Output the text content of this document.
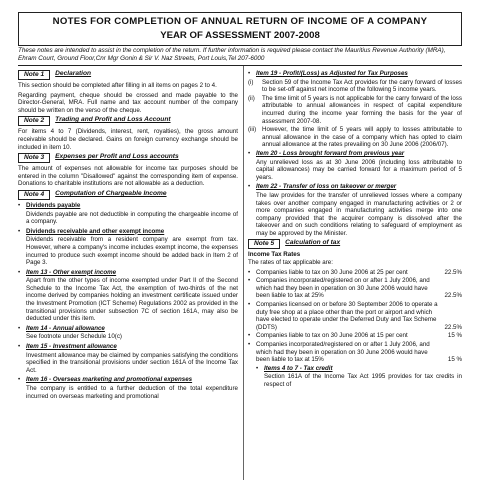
NOTES FOR COMPLETION OF ANNUAL RETURN OF INCOME OF A COMPANY
YEAR OF ASSESSMENT 2007-2008
These notes are intended to assist in the completion of the return. If further information is required please contact the Mauritius Revenue Authority (MRA), Ehram Court, Ground Floor,Cnr Mgr Gonin & Sir V. Naz Streets, Port Louis,Tel 207-6000
Note 1	Declaration

This section should be completed after filling in all items on pages 2 to 4.

Regarding payment, cheque should be crossed and made payable to the Director-General, MRA. Full name and tax account number of the company should be written on the verso of the cheque.

Note 2	Trading and Profit and Loss Account

For items 4 to 7 (Dividends, interest, rent, royalties), the gross amount receivable should be declared. Gains on foreign currency exchange should be included in item 10.

Note 3	Expenses per Profit and Loss accounts

The amount of expenses not allowable for income tax purposes should be entered in the column "Disallowed" against the corresponding item of expense. Donations to charitable institutions are not allowable as a deduction.

Note 4	Computation of Chargeable Income
• Dividends payable

Dividends payable are not deductible in computing the chargeable income of a company.

• Dividends receivable and other exempt income

Dividends receivable from a resident company are exempt from tax. However, where a company's income includes exempt income, the expenses incurred to produce such exempt income should be added back in Item 2 of Page 3.

• Item 13 - Other exempt income

Apart from the other types of income exempted under Part II of the Second Schedule to the Income Tax Act, the exemption of two-thirds of the net income derived by companies holding an investment certificate issued under the Investment Promotion (ICT Scheme) Regulations 2002 as provided in the transitional provisions under subsection 7C of section 161A, may also be deducted under this item.

• Item 14 - Annual allowance

See footnote under Schedule 10(c)

• Item 15 - Investment allowance

Investment allowance may be claimed by companies satisfying the conditions specified in the transitional provisions under section 161A of the Income Tax Act.

• Item 16 - Overseas marketing and promotional expenses

The company is entitled to a further deduction of the total expenditure incurred on overseas marketing and promotional

• Item 19 - Profit/(Loss) as Adjusted for Tax Purposes
(i)	Section 59 of the Income Tax Act provides for the carry forward of losses to be set-off against net income of the following 5 income years.
(ii)	The time limit of 5 years is not applicable for the carry forward of the loss attributable to annual allowances in respect of capital expenditure incurred during the income year forming the basis for the year of assessment 2007-08.
(iii) However, the time limit of 5 years will apply to losses attributable to annual allowance in the case of a company which has opted to claim annual allowance at the rates prevailing on 30 June 2006 (2006/07).
• Item 20 - Loss brought forward from previous year

Any unrelieved loss as at 30 June 2006 (including loss attributable to capital allowances) may be carried forward for a maximum period of 5 years.

• Item 22 - Transfer of loss on takeover or merger

The law provides for the transfer of unrelieved losses where a company takes over another company engaged in manufacturing activities or 2 or more companies engaged in manufacturing activities merge into one company provided that the acquirer company is dissolved after the takeover and on such conditions relating to safeguard of employment as may be approved by the Minister.

Note 5	Calculation of tax
Income Tax Rates

The rates of tax applicable are:

• Companies liable to tax on 30 June 2006 at 25 per cent	22.5%
• Companies incorporated/registered on or after 1 July 2006, and which had they been in operation on 30 June 2006 would have been liable to tax at 25%	22.5%
• Companies licensed on or before 30 September 2006 to operate a duty free shop at a place other than the port or airport and which have elected to operate under the Deferred Duty and Tax Scheme (DDTS)	22.5%
• Companies liable to tax on 30 June 2006 at 15 per cent	15 %
• Companies incorporated/registered on or after 1 July 2006, and which had they been in operation on 30 June 2006 would have been liable to tax at 15%	15 %
• Items 4 to 7 - Tax credit

Section 161A of the Income Tax Act 1995 provides for tax credits in respect of
